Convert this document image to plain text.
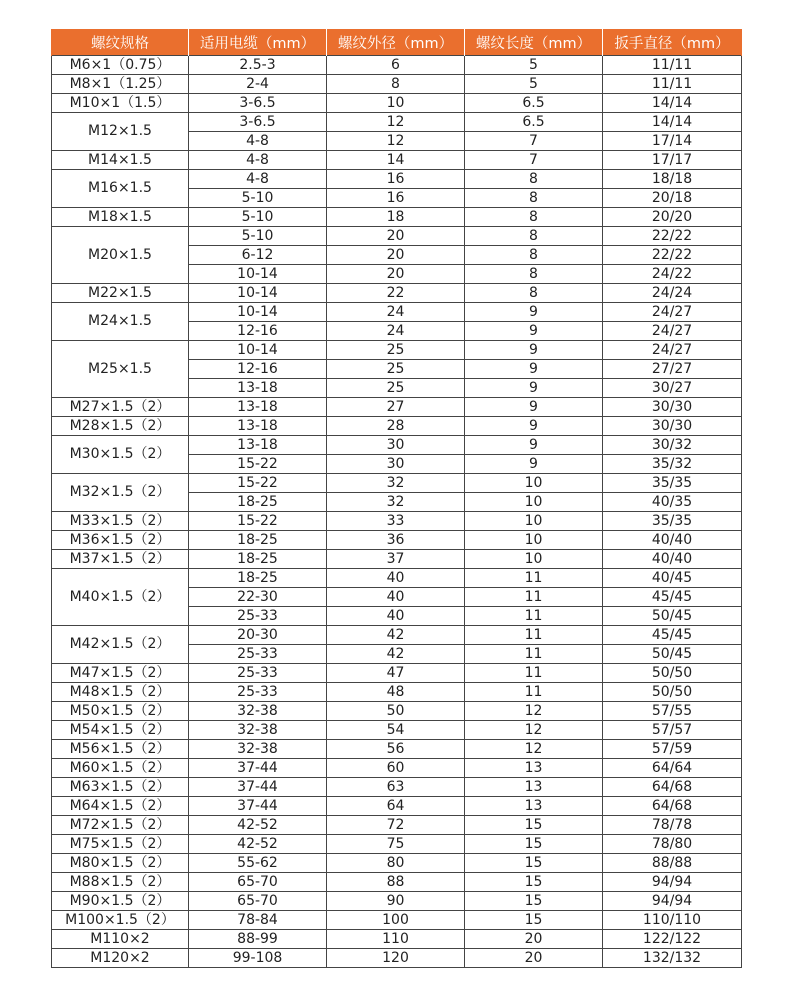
螺纹规格	适用电缆（mm）	螺纹外径（mm）	螺纹长度（mm）	扳手直径（mm）
M6×1（0.75）	2.5-3	6	5	11/11
M8×1（1.25）	2-4	8	5	11/11
M10×1（1.5）	3-6.5	10	6.5	14/14
M12×1.5	3-6.5	12	6.5	14/14
	4-8	12	7	17/14
M14×1.5	4-8	14	7	17/17
M16×1.5	4-8	16	8	18/18
	5-10	16	8	20/18
M18×1.5	5-10	18	8	20/20
M20×1.5	5-10	20	8	22/22
	6-12	20	8	22/22
	10-14	20	8	24/22
M22×1.5	10-14	22	8	24/24
M24×1.5	10-14	24	9	24/27
	12-16	24	9	24/27
M25×1.5	10-14	25	9	24/27
	12-16	25	9	27/27
	13-18	25	9	30/27
M27×1.5（2）	13-18	27	9	30/30
M28×1.5（2）	13-18	28	9	30/30
M30×1.5（2）	13-18	30	9	30/32
	15-22	30	9	35/32
M32×1.5（2）	15-22	32	10	35/35
	18-25	32	10	40/35
M33×1.5（2）	15-22	33	10	35/35
M36×1.5（2）	18-25	36	10	40/40
M37×1.5（2）	18-25	37	10	40/40
M40×1.5（2）	18-25	40	11	40/45
	22-30	40	11	45/45
	25-33	40	11	50/45
M42×1.5（2）	20-30	42	11	45/45
	25-33	42	11	50/45
M47×1.5（2）	25-33	47	11	50/50
M48×1.5（2）	25-33	48	11	50/50
M50×1.5（2）	32-38	50	12	57/55
M54×1.5（2）	32-38	54	12	57/57
M56×1.5（2）	32-38	56	12	57/59
M60×1.5（2）	37-44	60	13	64/64
M63×1.5（2）	37-44	63	13	64/68
M64×1.5（2）	37-44	64	13	64/68
M72×1.5（2）	42-52	72	15	78/78
M75×1.5（2）	42-52	75	15	78/80
M80×1.5（2）	55-62	80	15	88/88
M88×1.5（2）	65-70	88	15	94/94
M90×1.5（2）	65-70	90	15	94/94
M100×1.5（2）	78-84	100	15	110/110
M110×2	88-99	110	20	122/122
M120×2	99-108	120	20	132/132
